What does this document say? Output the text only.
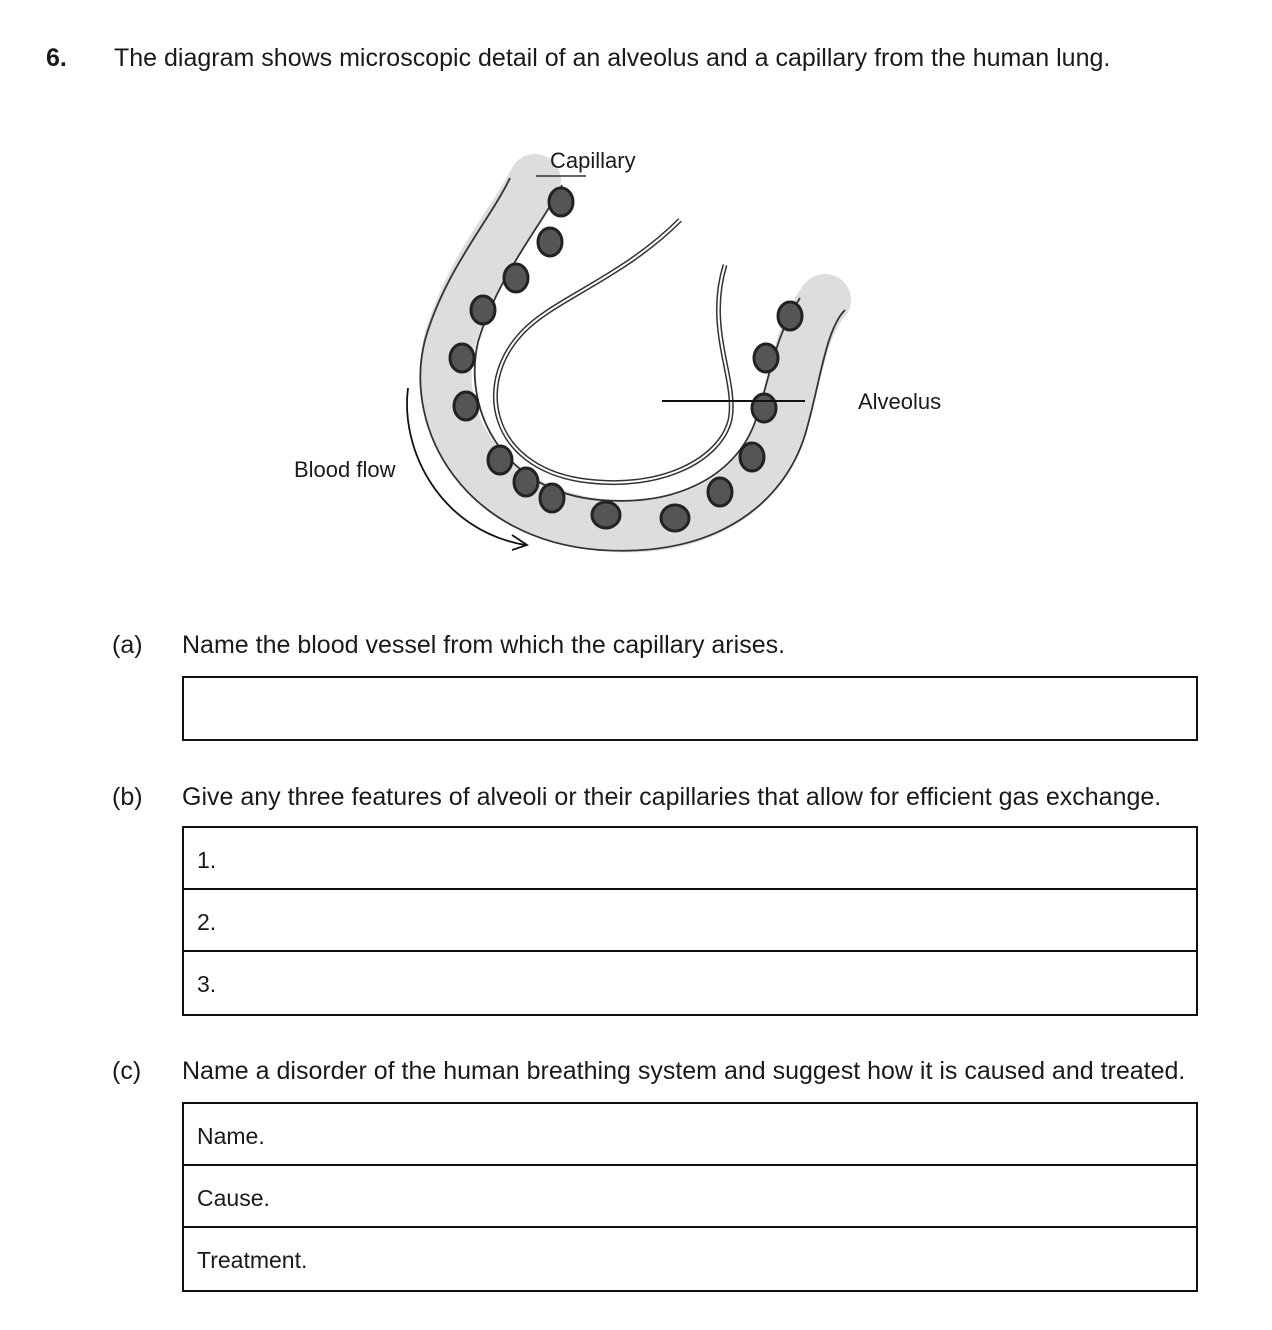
6. The diagram shows microscopic detail of an alveolus and a capillary from the human lung.
Capillary
Alveolus
Blood flow
(a) Name the blood vessel from which the capillary arises.
(b) Give any three features of alveoli or their capillaries that allow for efficient gas exchange.
1.
2.
3.
(c) Name a disorder of the human breathing system and suggest how it is caused and treated.
Name.
Cause.
Treatment.
